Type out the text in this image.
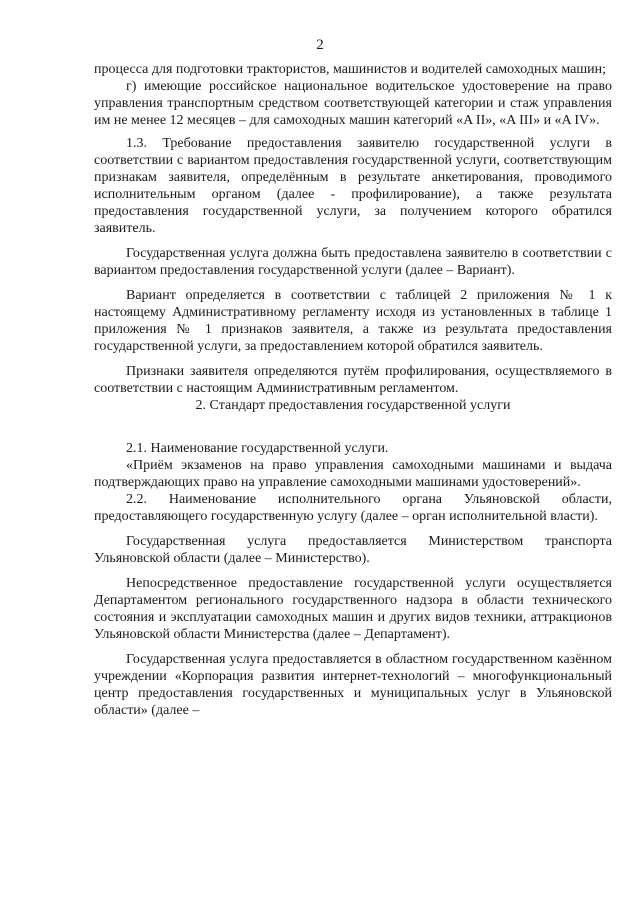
2

процесса для подготовки трактористов, машинистов и водителей самоходных машин;

г) имеющие российское национальное водительское удостоверение на право управления транспортным средством соответствующей категории и стаж управления им не менее 12 месяцев – для самоходных машин категорий «A II», «A III» и «A IV».

1.3. Требование предоставления заявителю государственной услуги в соответствии с вариантом предоставления государственной услуги, соответствующим признакам заявителя, определённым в результате анкетирования, проводимого исполнительным органом (далее - профилирование), а также результата предоставления государственной услуги, за получением которого обратился заявитель.

Государственная услуга должна быть предоставлена заявителю в соответствии с вариантом предоставления государственной услуги (далее – Вариант).

Вариант определяется в соответствии с таблицей 2 приложения № 1 к настоящему Административному регламенту исходя из установленных в таблице 1 приложения № 1 признаков заявителя, а также из результата предоставления государственной услуги, за предоставлением которой обратился заявитель.

Признаки заявителя определяются путём профилирования, осуществляемого в соответствии с настоящим Административным регламентом.

2. Стандарт предоставления государственной услуги

2.1. Наименование государственной услуги.

«Приём экзаменов на право управления самоходными машинами и выдача подтверждающих право на управление самоходными машинами удостоверений».

2.2. Наименование исполнительного органа Ульяновской области, предоставляющего государственную услугу (далее – орган исполнительной власти).

Государственная услуга предоставляется Министерством транспорта Ульяновской области (далее – Министерство).

Непосредственное предоставление государственной услуги осуществляется Департаментом регионального государственного надзора в области технического состояния и эксплуатации самоходных машин и других видов техники, аттракционов Ульяновской области Министерства (далее – Департамент).

Государственная услуга предоставляется в областном государственном казённом учреждении «Корпорация развития интернет-технологий – многофункциональный центр предоставления государственных и муниципальных услуг в Ульяновской области» (далее –
